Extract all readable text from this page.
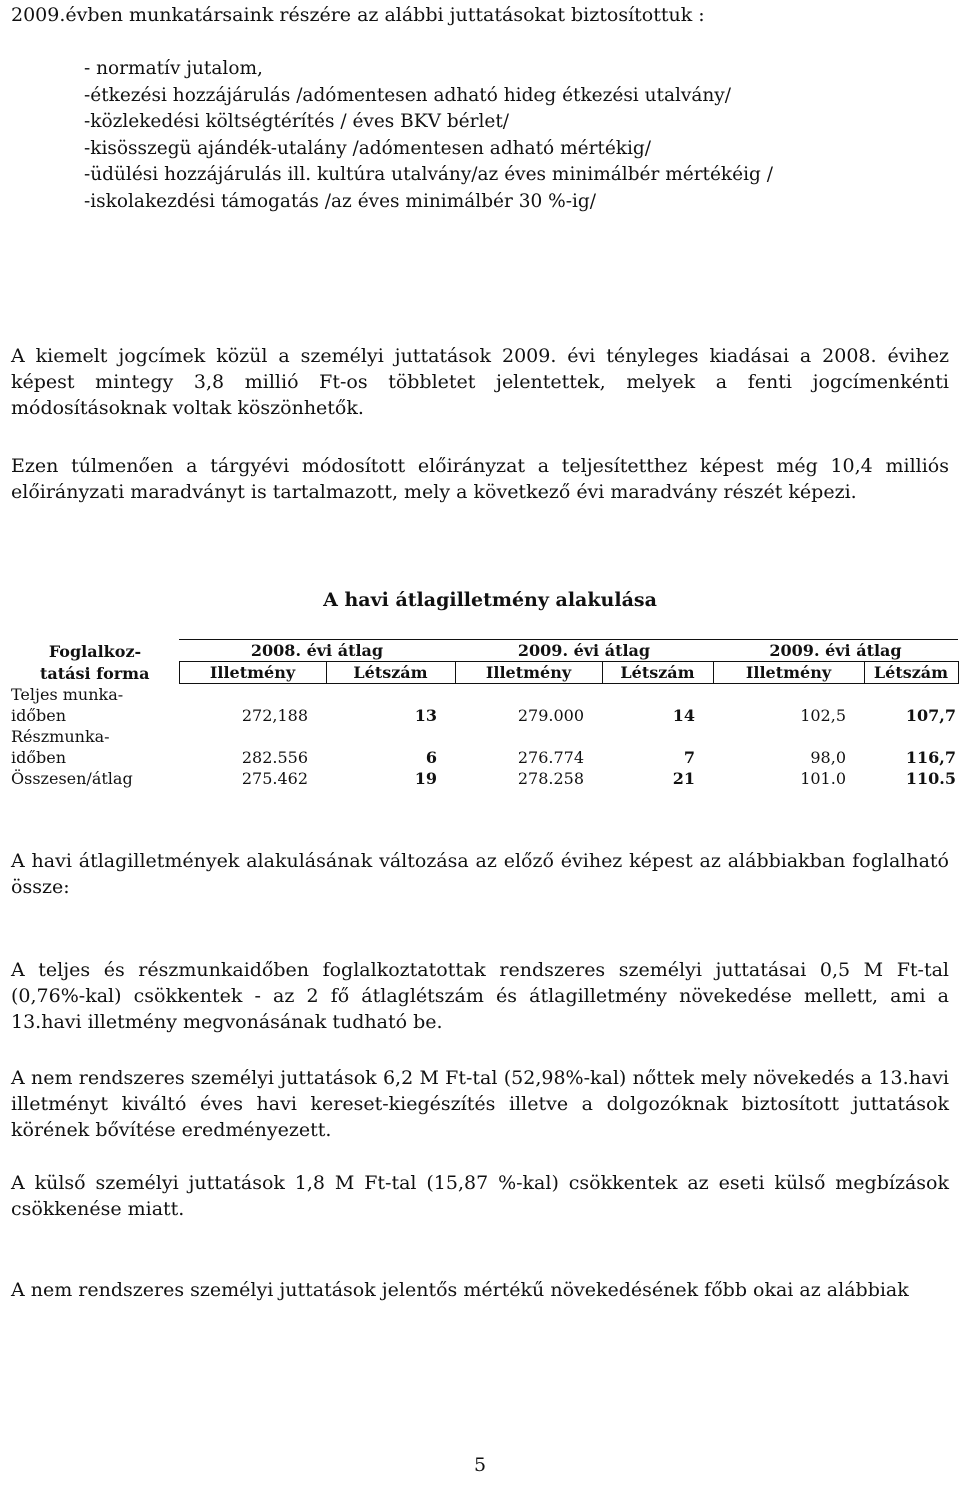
2009.évben munkatársaink részére az alábbi juttatásokat biztosítottuk :

- normatív jutalom,
-étkezési hozzájárulás /adómentesen adható hideg étkezési utalvány/
-közlekedési költségtérítés / éves BKV bérlet/
-kisösszegü ajándék-utalány /adómentesen adható mértékig/
-üdülési hozzájárulás ill. kultúra utalvány/az éves minimálbér mértékéig /
-iskolakezdési támogatás /az éves minimálbér 30 %-ig/

A kiemelt jogcímek közül a személyi juttatások 2009. évi tényleges kiadásai a 2008. évihez képest mintegy 3,8 millió Ft-os többletet jelentettek, melyek a fenti jogcímenkénti módosításoknak voltak köszönhetők.

Ezen túlmenően a tárgyévi módosított előirányzat a teljesítetthez képest még 10,4 milliós előirányzati maradványt is tartalmazott, mely a következő évi maradvány részét képezi.

A havi átlagilletmény alakulása

Foglalkoz-	2008. évi átlag		2009. évi átlag		2009. évi átlag	
tatási forma	Illetmény	Létszám	Illetmény	Létszám	Illetmény	Létszám
Teljes munka-						
időben	272,188	13	279.000	14	102,5	107,7
Részmunka-						
időben	282.556	6	276.774	7	98,0	116,7
Összesen/átlag	275.462	19	278.258	21	101.0	110.5

A havi átlagilletmények alakulásának változása az előző évihez képest az alábbiakban foglalható össze:

A teljes és részmunkaidőben foglalkoztatottak rendszeres személyi juttatásai 0,5 M Ft-tal (0,76%-kal) csökkentek - az 2 fő átlaglétszám és átlagilletmény növekedése mellett, ami a 13.havi illetmény megvonásának tudható be.

A nem rendszeres személyi juttatások 6,2 M Ft-tal (52,98%-kal) nőttek mely növekedés a 13.havi illetményt kiváltó éves havi kereset-kiegészítés illetve a dolgozóknak biztosított juttatások körének bővítése eredményezett.

A külső személyi juttatások 1,8 M Ft-tal (15,87 %-kal) csökkentek az eseti külső megbízások csökkenése miatt.

A nem rendszeres személyi juttatások jelentős mértékű növekedésének főbb okai az alábbiak

5
